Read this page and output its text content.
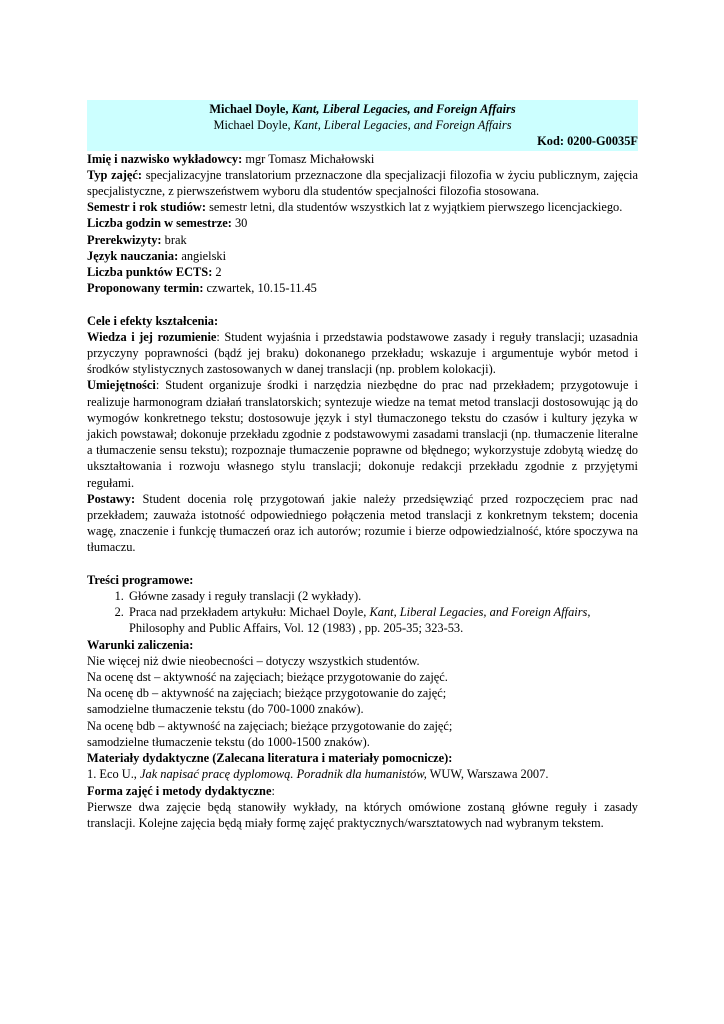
Michael Doyle, Kant, Liberal Legacies, and Foreign Affairs
Michael Doyle, Kant, Liberal Legacies, and Foreign Affairs
Kod: 0200-G0035F
Imię i nazwisko wykładowcy: mgr Tomasz Michałowski
Typ zajęć: specjalizacyjne translatorium przeznaczone dla specjalizacji filozofia w życiu publicznym, zajęcia specjalistyczne, z pierwszeństwem wyboru dla studentów specjalności filozofia stosowana.
Semestr i rok studiów: semestr letni, dla studentów wszystkich lat z wyjątkiem pierwszego licencjackiego.
Liczba godzin w semestrze: 30
Prerekwizyty: brak
Język nauczania: angielski
Liczba punktów ECTS: 2
Proponowany termin: czwartek, 10.15-11.45
Cele i efekty kształcenia:
Wiedza i jej rozumienie: Student wyjaśnia i przedstawia podstawowe zasady i reguły translacji; uzasadnia przyczyny poprawności (bądź jej braku) dokonanego przekładu; wskazuje i argumentuje wybór metod i środków stylistycznych zastosowanych w danej translacji (np. problem kolokacji).
Umiejętności: Student organizuje środki i narzędzia niezbędne do prac nad przekładem; przygotowuje i realizuje harmonogram działań translatorskich; syntezuje wiedze na temat metod translacji dostosowując ją do wymogów konkretnego tekstu; dostosowuje język i styl tłumaczonego tekstu do czasów i kultury języka w jakich powstawał; dokonuje przekładu zgodnie z podstawowymi zasadami translacji (np. tłumaczenie literalne a tłumaczenie sensu tekstu); rozpoznaje tłumaczenie poprawne od błędnego; wykorzystuje zdobytą wiedzę do ukształtowania i rozwoju własnego stylu translacji; dokonuje redakcji przekładu zgodnie z przyjętymi regułami.
Postawy: Student docenia rolę przygotowań jakie należy przedsięwziąć przed rozpoczęciem prac nad przekładem; zauważa istotność odpowiedniego połączenia metod translacji z konkretnym tekstem; docenia wagę, znaczenie i funkcję tłumaczeń oraz ich autorów; rozumie i bierze odpowiedzialność, które spoczywa na tłumaczu.
Treści programowe:
1. Główne zasady i reguły translacji (2 wykłady).
2. Praca nad przekładem artykułu: Michael Doyle, Kant, Liberal Legacies, and Foreign Affairs, Philosophy and Public Affairs, Vol. 12 (1983) , pp. 205-35; 323-53.
Warunki zaliczenia:
Nie więcej niż dwie nieobecności – dotyczy wszystkich studentów.
Na ocenę dst – aktywność na zajęciach; bieżące przygotowanie do zajęć.
Na ocenę db – aktywność na zajęciach; bieżące przygotowanie do zajęć;
samodzielne tłumaczenie tekstu (do 700-1000 znaków).
Na ocenę bdb – aktywność na zajęciach; bieżące przygotowanie do zajęć;
samodzielne tłumaczenie tekstu (do 1000-1500 znaków).
Materiały dydaktyczne (Zalecana literatura i materiały pomocnicze):
1. Eco U., Jak napisać pracę dyplomową. Poradnik dla humanistów, WUW, Warszawa 2007.
Forma zajęć i metody dydaktyczne:
Pierwsze dwa zajęcie będą stanowiły wykłady, na których omówione zostaną główne reguły i zasady translacji. Kolejne zajęcia będą miały formę zajęć praktycznych/warsztatowych nad wybranym tekstem.
